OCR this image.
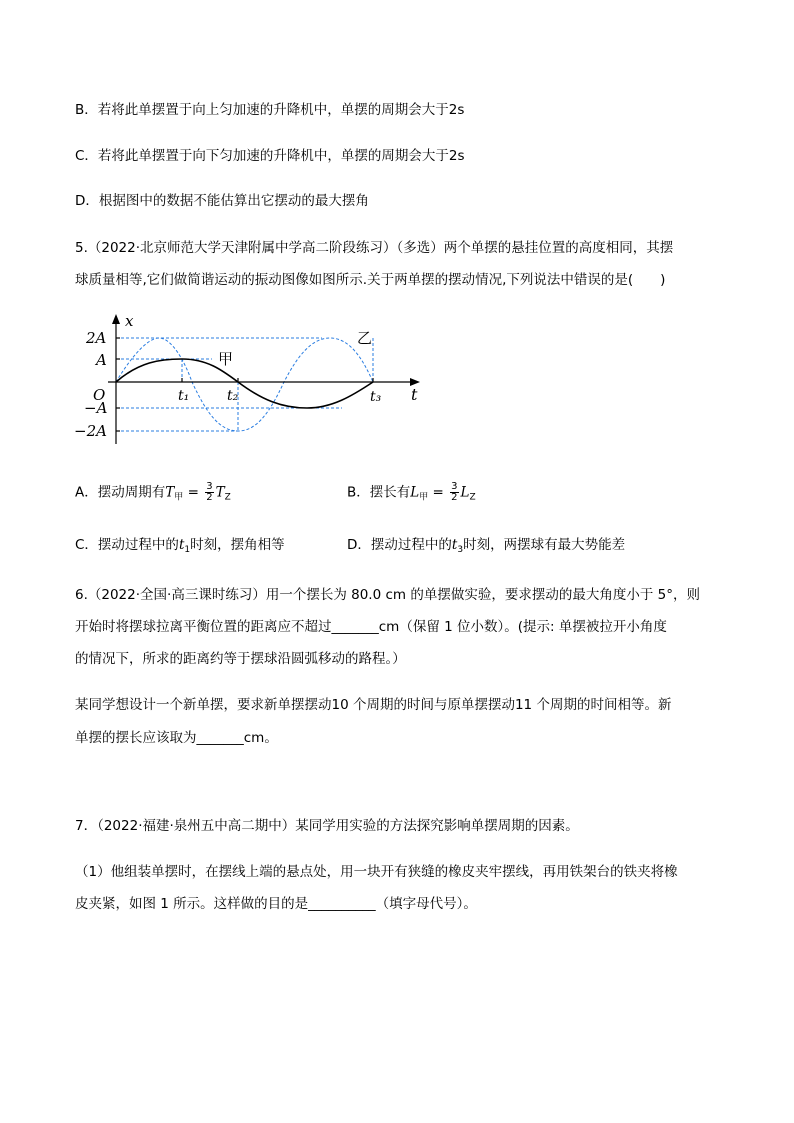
B．若将此单摆置于向上匀加速的升降机中，单摆的周期会大于2s
C．若将此单摆置于向下匀加速的升降机中，单摆的周期会大于2s
D．根据图中的数据不能估算出它摆动的最大摆角
5.（2022·北京师范大学天津附属中学高二阶段练习）（多选）两个单摆的悬挂位置的高度相同，其摆
球质量相等,它们做简谐运动的振动图像如图所示.关于两单摆的摆动情况,下列说法中错误的是(　　)
x
t
O
2A
A
−A
−2A
t₁	t₂	t₃
甲
乙
A．摆动周期有$T_甲 = \frac{3}{2} T_Z$	B．摆长有$L_甲 = \frac{3}{2} L_Z$
C．摆动过程中的$t_1$时刻，摆角相等	D．摆动过程中的$t_3$时刻，两摆球有最大势能差
6.（2022·全国·高三课时练习）用一个摆长为 80.0 cm 的单摆做实验，要求摆动的最大角度小于 5°，则
开始时将摆球拉离平衡位置的距离应不超过_______cm（保留 1 位小数）。(提示: 单摆被拉开小角度
的情况下，所求的距离约等于摆球沿圆弧移动的路程。）
某同学想设计一个新单摆，要求新单摆摆动10 个周期的时间与原单摆摆动11 个周期的时间相等。新
单摆的摆长应该取为_______cm。
7．（2022·福建·泉州五中高二期中）某同学用实验的方法探究影响单摆周期的因素。
（1）他组装单摆时，在摆线上端的悬点处，用一块开有狭缝的橡皮夹牢摆线，再用铁架台的铁夹将橡
皮夹紧，如图 1 所示。这样做的目的是__________（填字母代号）。
